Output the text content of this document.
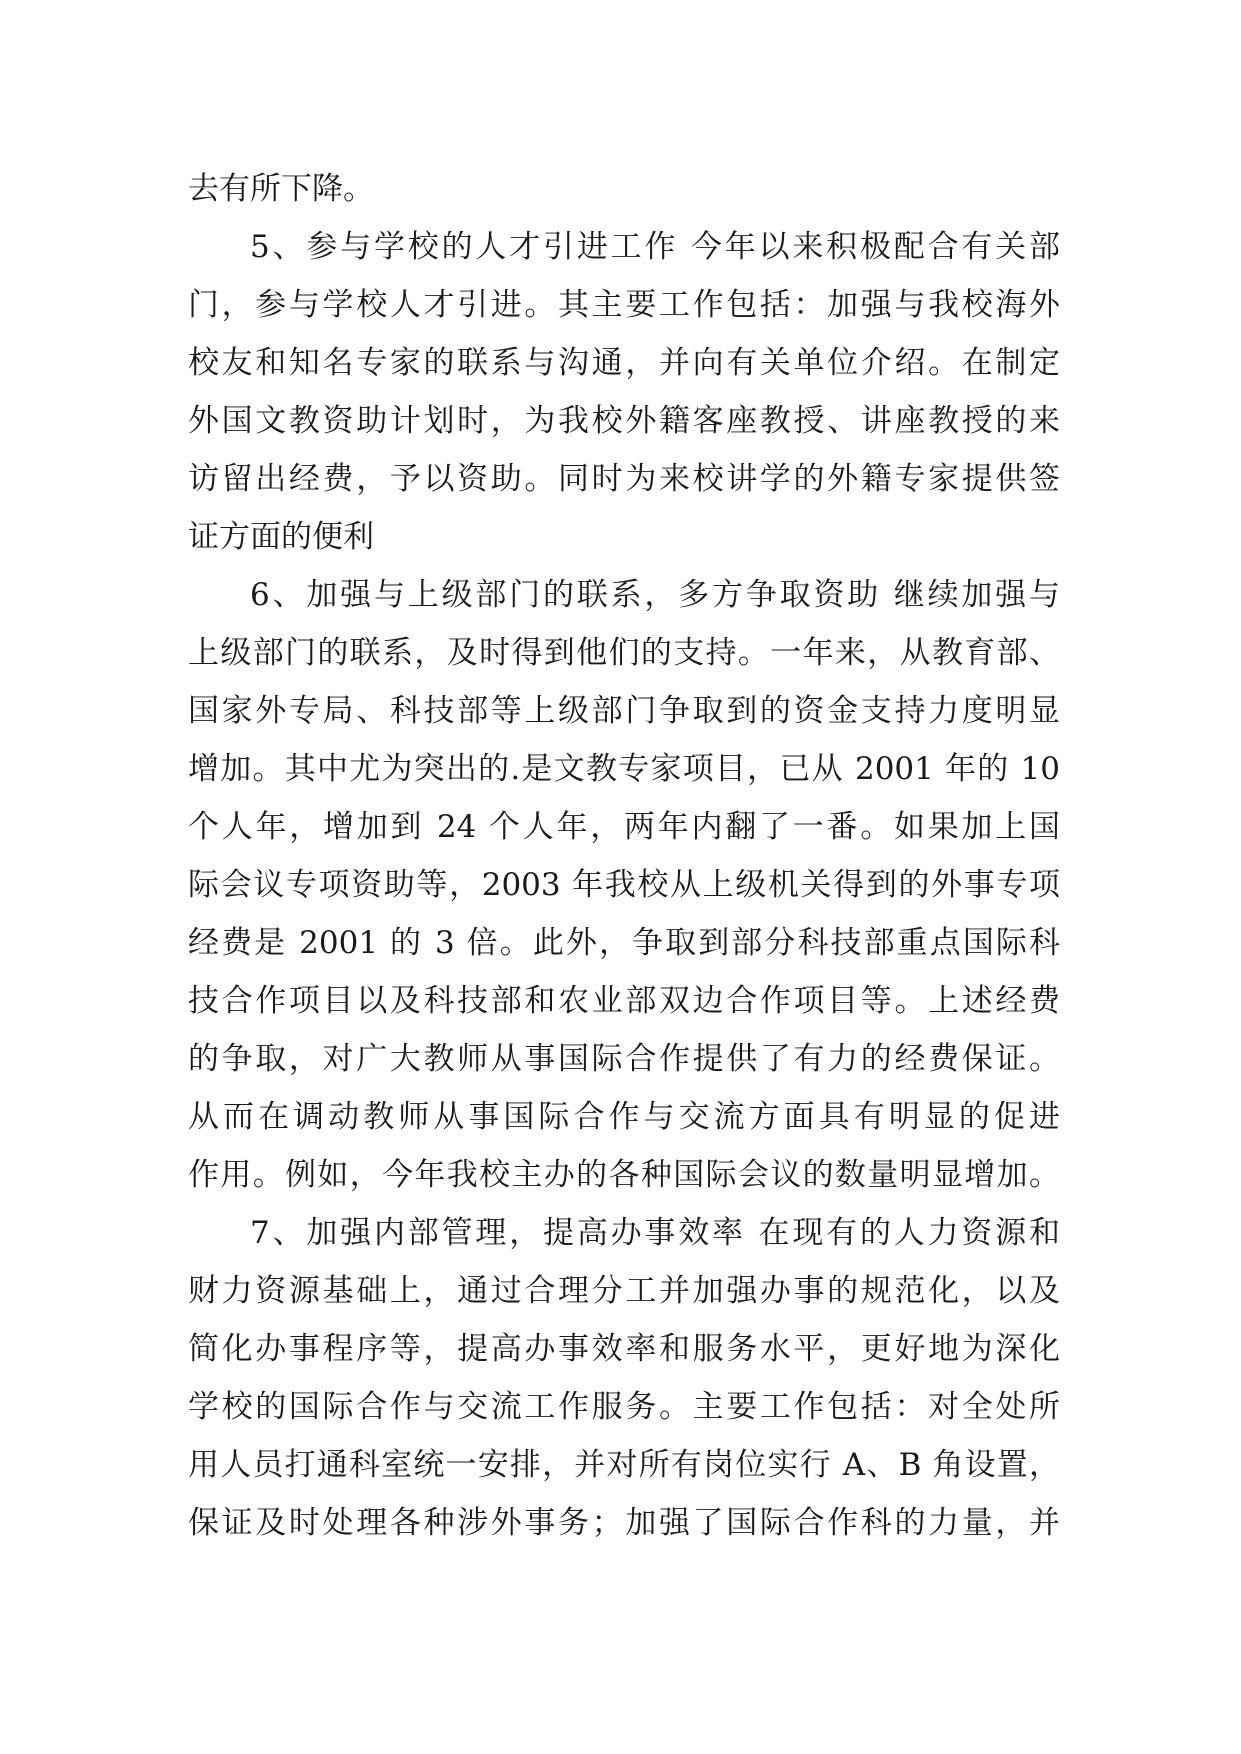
去有所下降。
5、参与学校的人才引进工作 今年以来积极配合有关部
门，参与学校人才引进。其主要工作包括：加强与我校海外
校友和知名专家的联系与沟通，并向有关单位介绍。在制定
外国文教资助计划时，为我校外籍客座教授、讲座教授的来
访留出经费，予以资助。同时为来校讲学的外籍专家提供签
证方面的便利
6、加强与上级部门的联系，多方争取资助 继续加强与
上级部门的联系，及时得到他们的支持。一年来，从教育部、
国家外专局、科技部等上级部门争取到的资金支持力度明显
增加。其中尤为突出的.是文教专家项目，已从 2001 年的 10
个人年，增加到 24 个人年，两年内翻了一番。如果加上国
际会议专项资助等，2003 年我校从上级机关得到的外事专项
经费是 2001 的 3 倍。此外，争取到部分科技部重点国际科
技合作项目以及科技部和农业部双边合作项目等。上述经费
的争取，对广大教师从事国际合作提供了有力的经费保证。
从而在调动教师从事国际合作与交流方面具有明显的促进
作用。例如，今年我校主办的各种国际会议的数量明显增加。
7、加强内部管理，提高办事效率 在现有的人力资源和
财力资源基础上，通过合理分工并加强办事的规范化，以及
简化办事程序等，提高办事效率和服务水平，更好地为深化
学校的国际合作与交流工作服务。主要工作包括：对全处所
用人员打通科室统一安排，并对所有岗位实行 A、B 角设置，
保证及时处理各种涉外事务；加强了国际合作科的力量，并
